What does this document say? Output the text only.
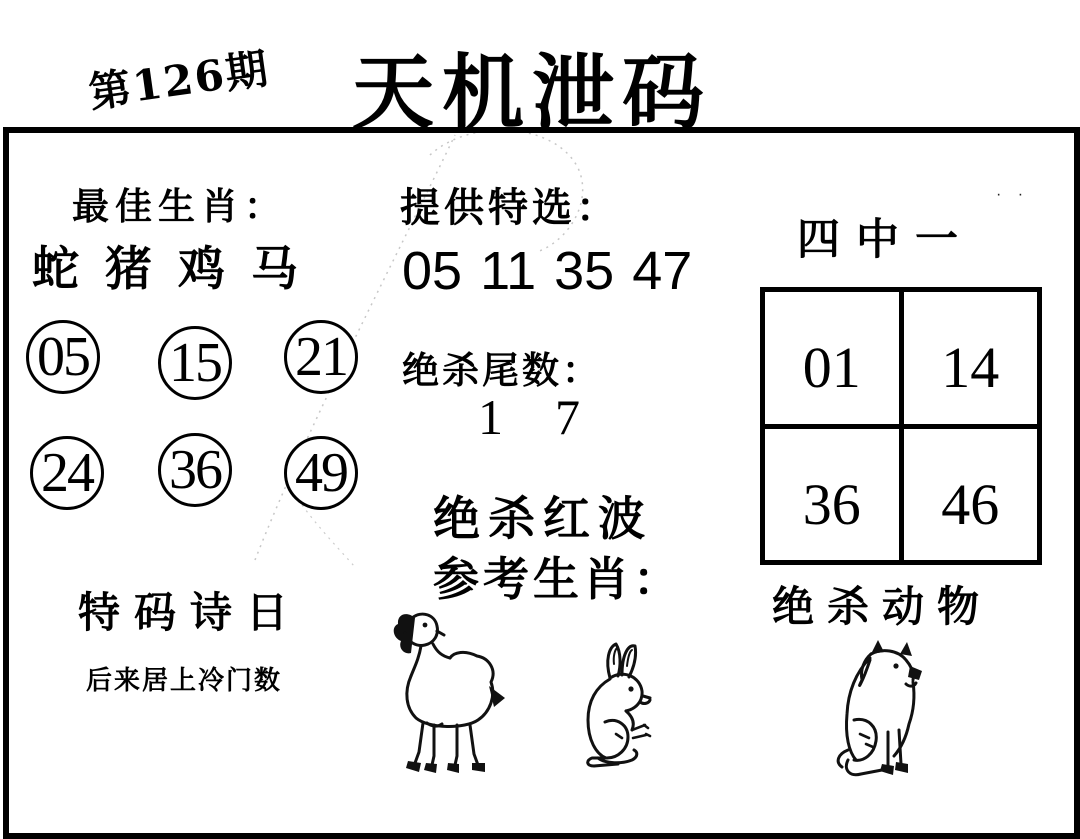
第126期 天机泄码
最佳生肖：
蛇猪鸡马
05 15 21
24 36 49
特码诗日
后来居上冷门数
提供特选：
05 11 35 47
绝杀尾数：
1 7
绝杀红波
参考生肖：
四中一
01 14
36 46
绝杀动物
· ·
